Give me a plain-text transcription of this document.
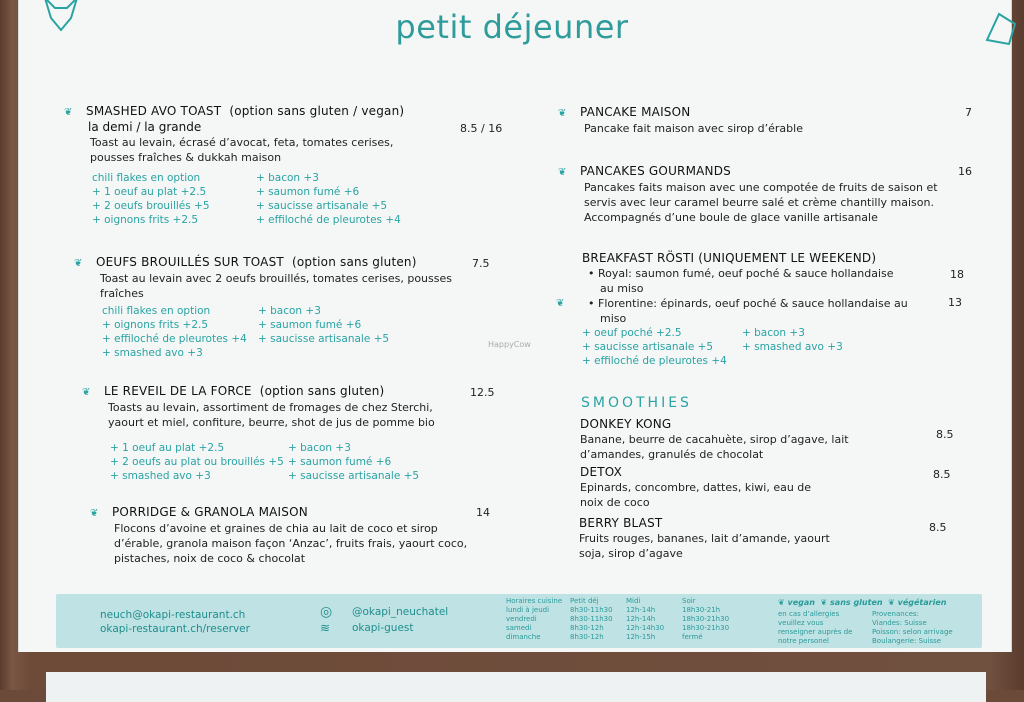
petit déjeuner
HappyCow
❦ SMASHED AVO TOAST (option sans gluten / vegan)
la demi / la grande
Toast au levain, écrasé d’avocat, feta, tomates cerises,
pousses fraîches & dukkah maison
8.5 / 16
chili flakes en option
+ 1 oeuf au plat +2.5
+ 2 oeufs brouillés +5
+ oignons frits +2.5
+ bacon +3
+ saumon fumé +6
+ saucisse artisanale +5
+ effiloché de pleurotes +4
❦ OEUFS BROUILLÉS SUR TOAST (option sans gluten)
Toast au levain avec 2 oeufs brouillés, tomates cerises, pousses
fraîches
7.5
chili flakes en option
+ oignons frits +2.5
+ effiloché de pleurotes +4
+ smashed avo +3
+ bacon +3
+ saumon fumé +6
+ saucisse artisanale +5
❦ LE REVEIL DE LA FORCE (option sans gluten)
Toasts au levain, assortiment de fromages de chez Sterchi,
yaourt et miel, confiture, beurre, shot de jus de pomme bio
12.5
+ 1 oeuf au plat +2.5
+ 2 oeufs au plat ou brouillés +5
+ smashed avo +3
+ bacon +3
+ saumon fumé +6
+ saucisse artisanale +5
❦ PORRIDGE & GRANOLA MAISON
Flocons d’avoine et graines de chia au lait de coco et sirop
d’érable, granola maison façon ‘Anzac’, fruits frais, yaourt coco,
pistaches, noix de coco & chocolat
14
❦ PANCAKE MAISON
Pancake fait maison avec sirop d’érable
7
❦ PANCAKES GOURMANDS
Pancakes faits maison avec une compotée de fruits de saison et
servis avec leur caramel beurre salé et crème chantilly maison.
Accompagnés d’une boule de glace vanille artisanale
16
BREAKFAST RÖSTI (UNIQUEMENT LE WEEKEND)
• Royal: saumon fumé, oeuf poché & sauce hollandaise
au miso
• Florentine: épinards, oeuf poché & sauce hollandaise au
miso
❦
18
13
+ oeuf poché +2.5
+ saucisse artisanale +5
+ effiloché de pleurotes +4
+ bacon +3
+ smashed avo +3
SMOOTHIES
DONKEY KONG
Banane, beurre de cacahuète, sirop d’agave, lait
d’amandes, granulés de chocolat
8.5
DETOX
Epinards, concombre, dattes, kiwi, eau de
noix de coco
8.5
BERRY BLAST
Fruits rouges, bananes, lait d’amande, yaourt
soja, sirop d’agave
8.5
neuch@okapi-restaurant.ch
okapi-restaurant.ch/reserver
◎ @okapi_neuchatel
≋ okapi-guest
Horaires cuisine
lundi à jeudi
vendredi
samedi
dimanche
Petit déj
8h30-11h30
8h30-11h30
8h30-12h
8h30-12h
Midi
12h-14h
12h-14h
12h-14h30
12h-15h
Soir
18h30-21h
18h30-21h30
18h30-21h30
fermé
❦ vegan ❦ sans gluten ❦ végétarien
en cas d’allergies
veuillez vous
renseigner auprès de
notre personel
Provenances:
Viandes: Suisse
Poisson: selon arrivage
Boulangerie: Suisse
